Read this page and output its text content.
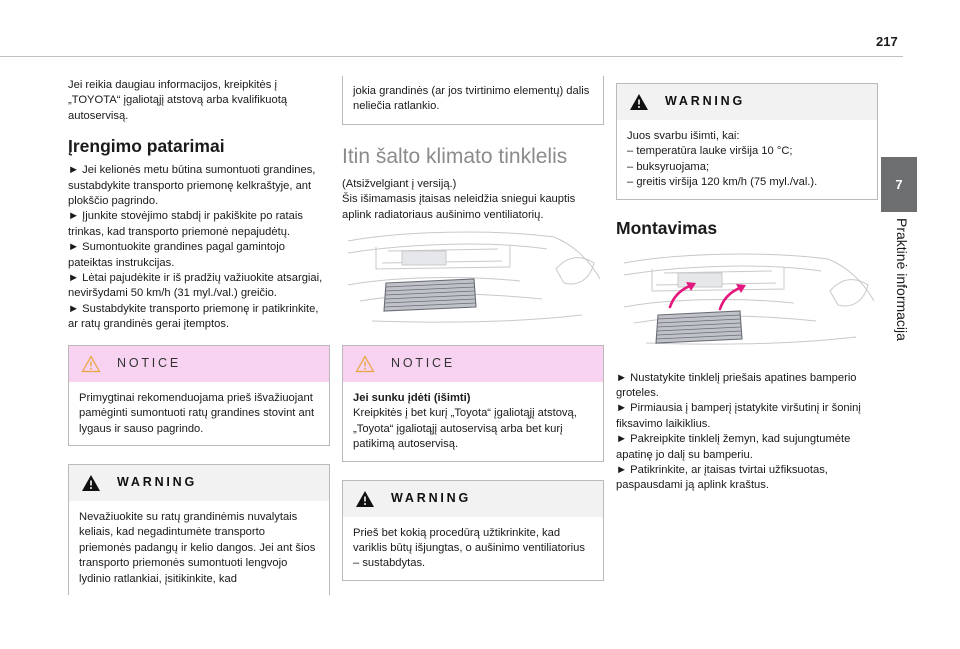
217
7
Praktinė informacija

Jei reikia daugiau informacijos, kreipkitės į „TOYOTA“ įgaliotąjį atstovą arba kvalifikuotą autoservisą.

Įrengimo patarimai

► Jei kelionės metu būtina sumontuoti grandines, sustabdykite transporto priemonę kelkraštyje, ant plokščio pagrindo.
► Įjunkite stovėjimo stabdį ir pakiškite po ratais trinkas, kad transporto priemonė nepajudėtų.
► Sumontuokite grandines pagal gamintojo pateiktas instrukcijas.
► Lėtai pajudėkite ir iš pradžių važiuokite atsargiai, neviršydami 50 km/h (31 myl./val.) greičio.
► Sustabdykite transporto priemonę ir patikrinkite, ar ratų grandinės gerai įtemptos.

NOTICE
Primygtinai rekomenduojama prieš išvažiuojant pamėginti sumontuoti ratų grandines stovint ant lygaus ir sauso pagrindo.
WARNING
Nevažiuokite su ratų grandinėmis nuvalytais keliais, kad negadintumėte transporto priemonės padangų ir kelio dangos. Jei ant šios transporto priemonės sumontuoti lengvojo lydinio ratlankiai, įsitikinkite, kad
jokia grandinės (ar jos tvirtinimo elementų) dalis neliečia ratlankio.
Itin šalto klimato tinklelis

(Atsižvelgiant į versiją.)
Šis išimamasis įtaisas neleidžia sniegui kauptis aplink radiatoriaus aušinimo ventiliatorių.

NOTICE
Jei sunku įdėti (išimti)
Kreipkitės į bet kurį „Toyota“ įgaliotąjį atstovą, „Toyota“ įgaliotąjį autoservisą arba bet kurį patikimą autoservisą.
WARNING
Prieš bet kokią procedūrą užtikrinkite, kad variklis būtų išjungtas, o aušinimo ventiliatorius – sustabdytas.
WARNING
Juos svarbu išimti, kai:
– temperatūra lauke viršija 10 °C;
– buksyruojama;
– greitis viršija 120 km/h (75 myl./val.).
Montavimas

► Nustatykite tinklelį priešais apatines bamperio groteles.
► Pirmiausia į bamperį įstatykite viršutinį ir šoninį fiksavimo laikiklius.
► Pakreipkite tinklelį žemyn, kad sujungtumėte apatinę jo dalį su bamperiu.
► Patikrinkite, ar įtaisas tvirtai užfiksuotas, paspausdami ją aplink kraštus.
